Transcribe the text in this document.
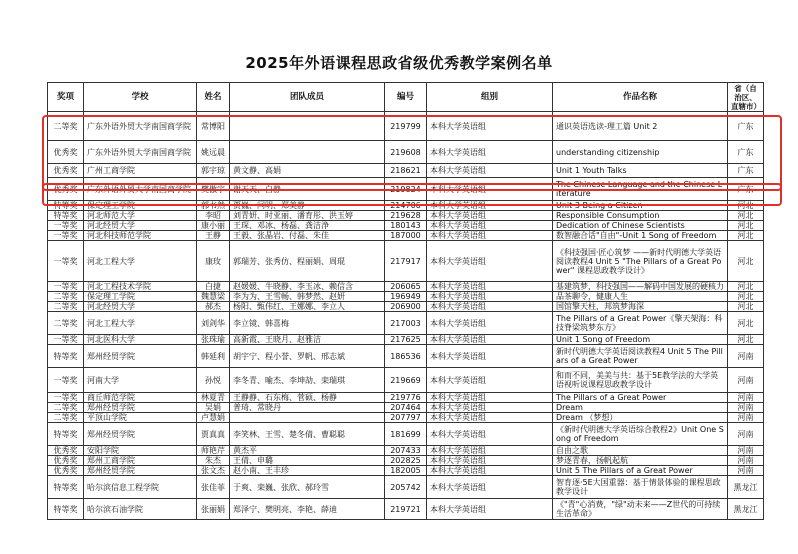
2025年外语课程思政省级优秀教学案例名单
奖项	学校	姓名	团队成员	编号	组别	作品名称	省（自治区、直辖市）
二等奖	广东外语外贸大学南国商学院	常博阳		219799	本科大学英语组	通识英语选读-理工篇 Unit 2	广东
优秀奖	广东外语外贸大学南国商学院	姚远晨		219608	本科大学英语组	understanding citizenship	广东
优秀奖	广州工商学院	郭宇琼	黄文静、高娟	218621	本科大学英语组	Unit 1 Youth Talks	广东
优秀奖	广东外语外贸大学南国商学院	樊傲宇	谢天天、白静	219824	本科大学英语组	The Chinese Language and the Chinese Literature	广东
特等奖	保定理工学院	郭书然	贾巍、闫明、郑美静	214706	本科大学英语组	Unit 3 Being a Citizen	河北
特等奖	河北师范大学	李昭	刘青妍、时亚丽、潘育彤、洪玉婷	219628	本科大学英语组	Responsible Consumption	河北
一等奖	河北经贸大学	康小丽	王琛、邓冰、杨磊、龚洁浄	180143	本科大学英语组	Dedication of Chinese Scientists	河北
一等奖	河北科技师范学院	王静	王毅、张晶岩、付磊、朱佳	187000	本科大学英语组	数智融合话"自由"-Unit 1 Song of Freedom	河北
一等奖	河北工程大学	康玫	郭瑞芳、张秀仿、程丽娟、周琨	217917	本科大学英语组	《科技强国·匠心筑梦 ——新时代明德大学英语阅读教程4 Unit 5 "The Pillars of a Great Power" 课程思政教学设计》	河北
一等奖	河北工程技术学院	白捷	赵媛媛、牛晓静、李玉冰、赖信含	206065	本科大学英语组	基建筑梦，科技强国——解码中国发展的硬核力	河北
二等奖	保定理工学院	魏慧梁	李为为、王雪畅、韩梦然、赵妍	196949	本科大学英语组	品茶聊令，健康人生	河北
二等奖	河北经贸大学	郝杰	杨阳、甄伟红、王娜娜、李立人	206900	本科大学英语组	国馆擎天柱，邦筑梦海深	河北
二等奖	河北工程大学	刘剑华	李立镜、韩喜梅	217003	本科大学英语组	The Pillars of a Great Power《擎天架海：科技脊梁筑梦东方》	河北
一等奖	河北医科大学	张珠瑜	高新霞、王晓月、赵雅洁	217625	本科大学英语组	Unit 1 Song of Freedom	河北
特等奖	郑州经贸学院	韩延利	胡宇宁、程小誉、罗帆、邢志斌	186536	本科大学英语组	新时代明德大学英语阅读教程4 Unit 5 The Pillars of a Great Power	河南
一等奖	河南大学	孙悦	李冬青、喻杰、李坤劼、栾瑞琪	219669	本科大学英语组	和而不同，美美与共：基于5E教学法的大学英语视听说课程思政教学设计	河南
一等奖	商丘师范学院	林夏青	王静静、石东梅、菅硕、杨静	219776	本科大学英语组	The Pillars of a Great Power	河南
二等奖	郑州经贸学院	吴娟	普琦、常晓丹	207464	本科大学英语组	Dream	河南
二等奖	平顶山学院	卢慧娟		207797	本科大学英语组	Dream （梦想）	河南
特等奖	郑州经贸学院	贾真真	李笑林、王雪、楚冬倩、曹聪聪	181699	本科大学英语组	《新时代明德大学英语综合教程2》Unit One Song of Freedom	河南
优秀奖	安阳学院	师艳芹	黄杰平	207433	本科大学英语组	自由之歌	河南
优秀奖	郑州工商学院	朱杰	王倩、申璐	202825	本科大学英语组	梦逐青春，扬帆起航	河南
优秀奖	郑州经贸学院	张文杰	赵小南、王丰珍	182005	本科大学英语组	Unit 5 The Pillars of a Great Power	河南
特等奖	哈尔滨信息工程学院	张佳菲	于爽、栾巍、张欣、郝玲雪	205742	本科大学英语组	智育逐·5E大国重器：基于情景体验的课程思政教学设计	黑龙江
特等奖	哈尔滨石油学院	张丽娟	郑泽宁、樊明亮、李艳、薛迪	219721	本科大学英语组	《"青"心消费，"绿"动未来——Z世代的可持续生活革命》	黑龙江
